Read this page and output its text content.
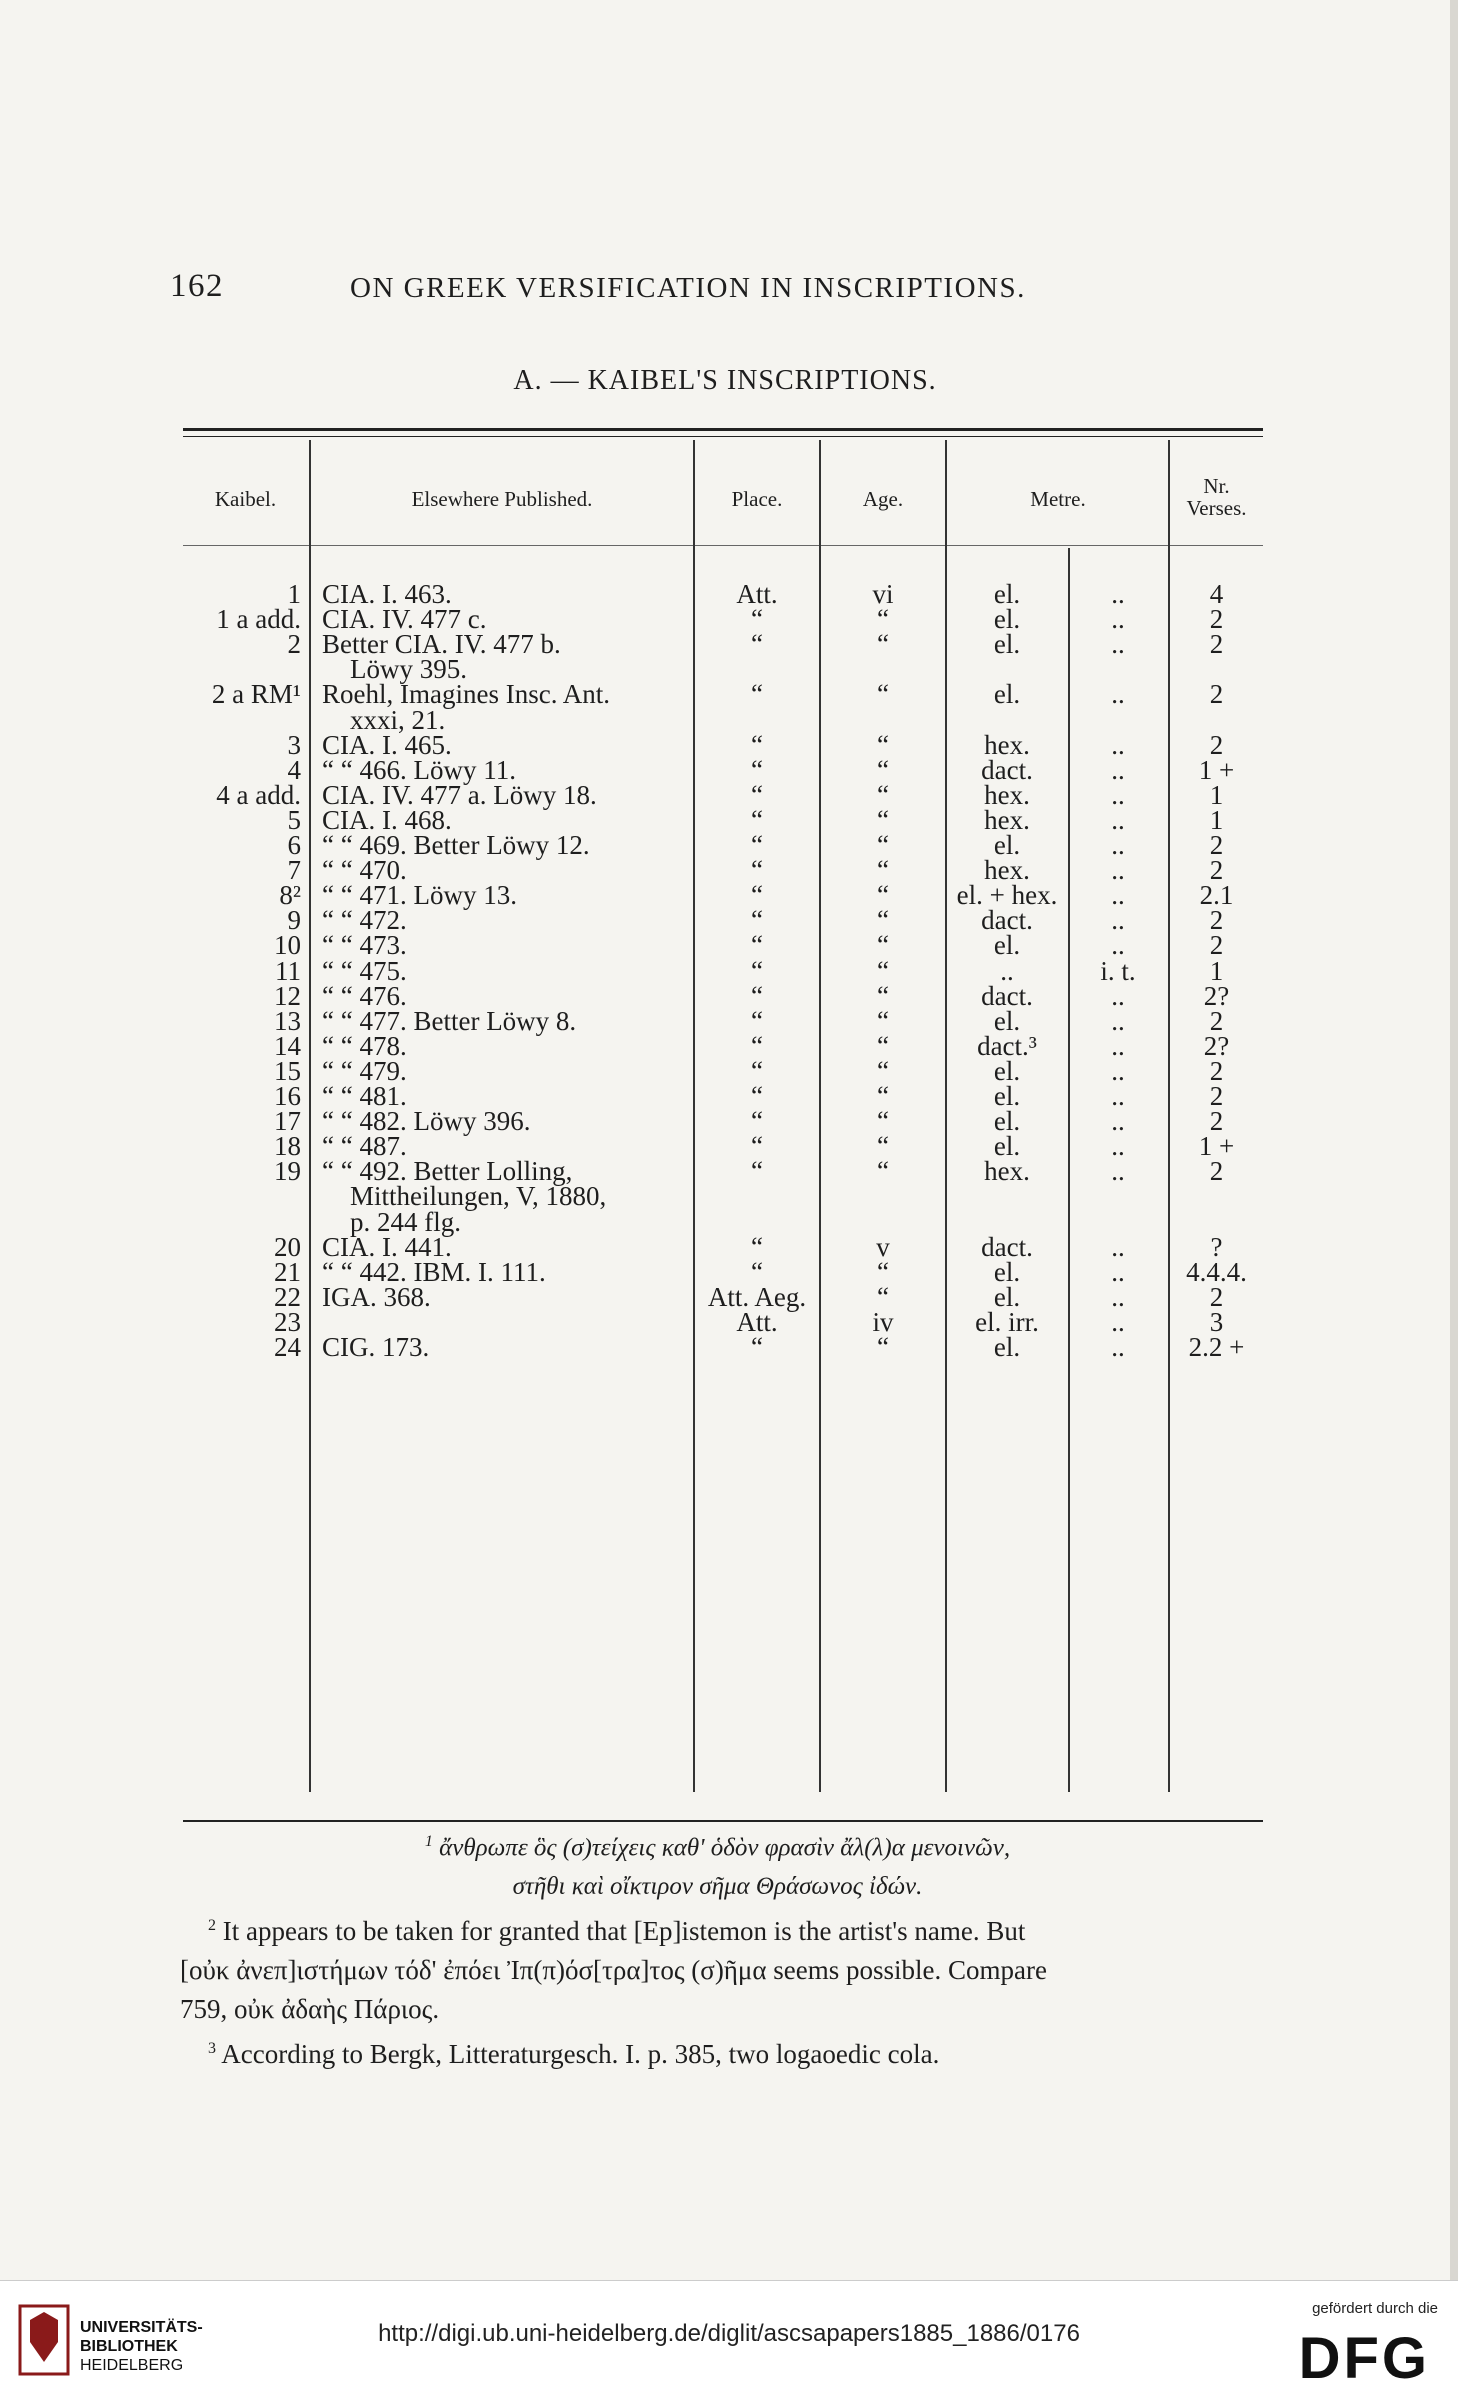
162	ON GREEK VERSIFICATION IN INSCRIPTIONS.
A. — KAIBEL'S INSCRIPTIONS.
Kaibel.	Elsewhere Published.	Place.	Age.	Metre.
Nr.
Verses.
1 CIA. I. 463.	Att.	vi	el.	..	4
1 a add. CIA. IV. 477 c.	“	“	el.	..	2
2 Better CIA. IV. 477 b.	“	“	el.	..	2
Löwy 395.
2 a RM¹ Roehl, Imagines Insc. Ant.	“	“	el.	..	2
xxxi, 21.
3 CIA. I. 465.	“	“	hex.	..	2
4 “ “ 466. Löwy 11.	“	“	dact.	..	1 +
4 a add. CIA. IV. 477 a. Löwy 18.	“	“	hex.	..	1
5 CIA. I. 468.	“	“	hex.	..	1
6 “ “ 469. Better Löwy 12.	“	“	el.	..	2
7 “ “ 470.	“	“	hex.	..	2
8² “ “ 471. Löwy 13.	“	“	el. + hex.	..	2.1
9 “ “ 472.	“	“	dact.	..	2
10 “ “ 473.	“	“	el.	..	2
11 “ “ 475.	“	“	..	i. t.	1
12 “ “ 476.	“	“	dact.	..	2?
13 “ “ 477. Better Löwy 8.	“	“	el.	..	2
14 “ “ 478.	“	“	dact.³	..	2?
15 “ “ 479.	“	“	el.	..	2
16 “ “ 481.	“	“	el.	..	2
17 “ “ 482. Löwy 396.	“	“	el.	..	2
18 “ “ 487.	“	“	el.	..	1 +
19 “ “ 492. Better Lolling,	“	“	hex.	..	2
Mittheilungen, V, 1880,
p. 244 flg.
20 CIA. I. 441.	“	v	dact.	..	?
21 “ “ 442. IBM. I. 111.	“	“	el.	..	4.4.4.
22 IGA. 368.	Att. Aeg.	“	el.	..	2
23	Att.	iv	el. irr.	..	3
24 CIG. 173.	“	“	el.	..	2.2 +

$^1$ ἄνθρωπε ὃς (σ)τείχεις καθ' ὁδὸν φρασὶν ἄλ(λ)α μενοινῶν,

στῆθι καὶ οἴκτιρον σῆμα Θράσωνος ἰδών.

$^2$ It appears to be taken for granted that [Ep]istemon is the artist's name. But

[οὐκ ἀνεπ]ιστήμων τόδ' ἐπόει Ἰπ(π)όσ[τρα]τος (σ)ῆμα seems possible. Compare

759, οὐκ ἀδαὴς Πάριος.

$^3$ According to Bergk, Litteraturgesch. I. p. 385, two logaoedic cola.

UNIVERSITÄTS-
BIBLIOTHEK
HEIDELBERG
http://digi.ub.uni-heidelberg.de/diglit/ascsapapers1885_1886/0176
gefördert durch die
DFG
